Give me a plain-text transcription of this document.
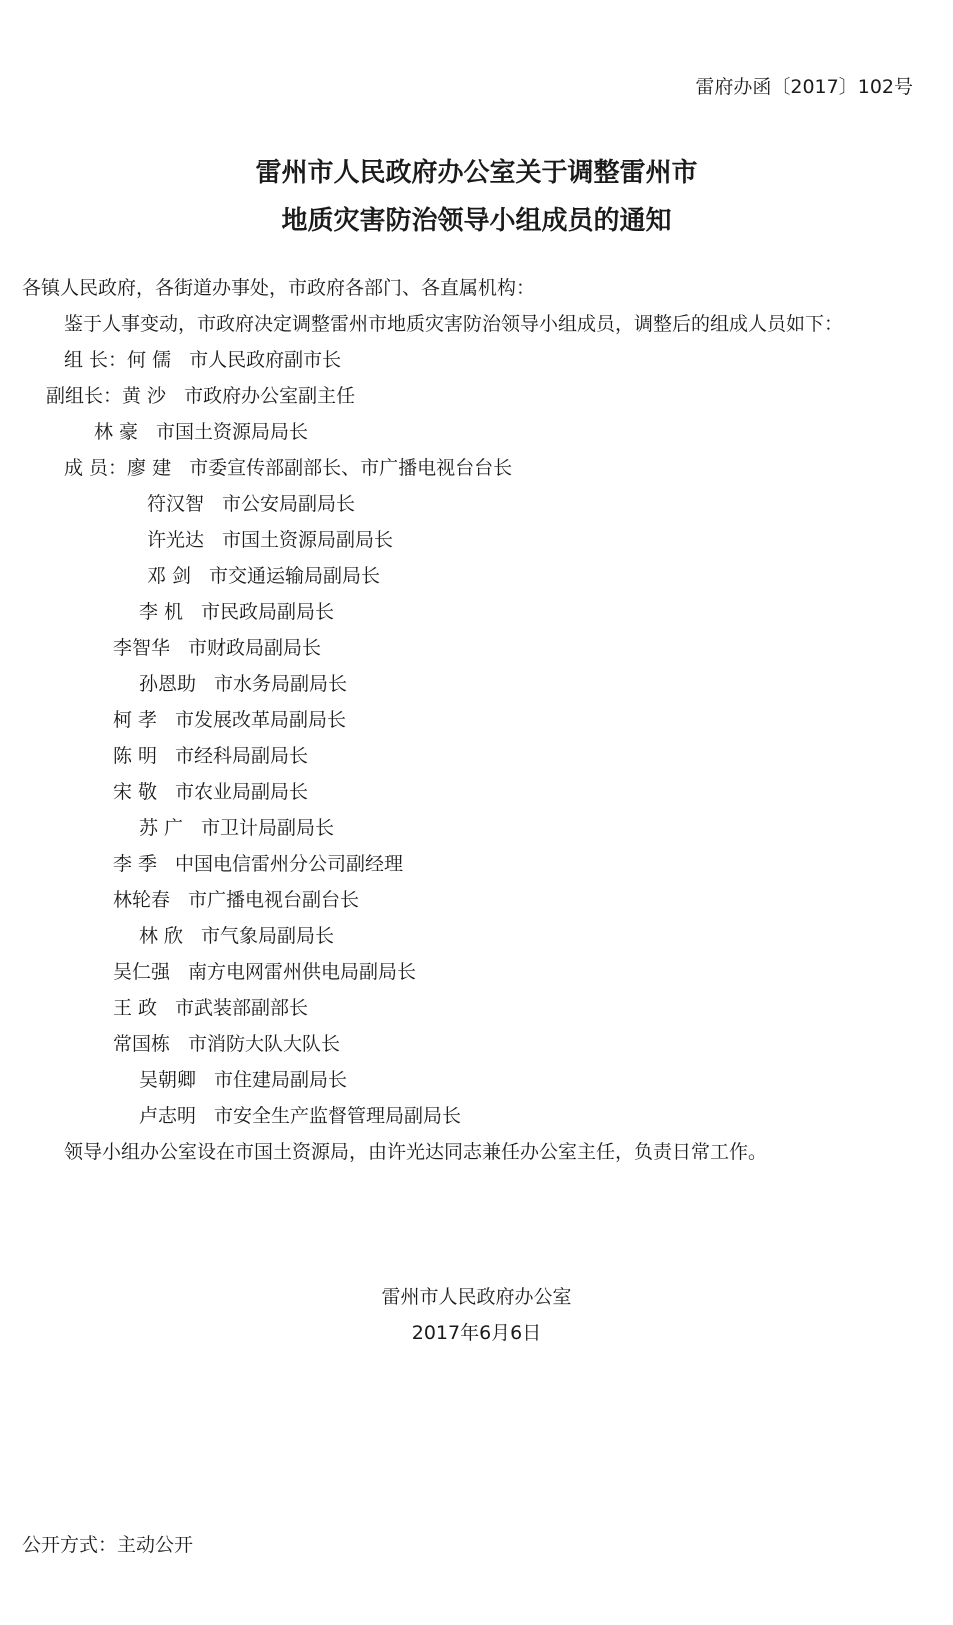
雷府办函〔2017〕102号
雷州市人民政府办公室关于调整雷州市
地质灾害防治领导小组成员的通知
各镇人民政府，各街道办事处，市政府各部门、各直属机构：
鉴于人事变动，市政府决定调整雷州市地质灾害防治领导小组成员，调整后的组成人员如下：
组 长：何 儒 市人民政府副市长
副组长：黄 沙 市政府办公室副主任
林 豪 市国土资源局局长
成 员：廖 建 市委宣传部副部长、市广播电视台台长
符汉智 市公安局副局长
许光达 市国土资源局副局长
邓 剑 市交通运输局副局长
李 机 市民政局副局长
李智华 市财政局副局长
孙恩助 市水务局副局长
柯 孝 市发展改革局副局长
陈 明 市经科局副局长
宋 敬 市农业局副局长
苏 广 市卫计局副局长
李 季 中国电信雷州分公司副经理
林轮春 市广播电视台副台长
林 欣 市气象局副局长
吴仁强 南方电网雷州供电局副局长
王 政 市武装部副部长
常国栋 市消防大队大队长
吴朝卿 市住建局副局长
卢志明 市安全生产监督管理局副局长
领导小组办公室设在市国土资源局，由许光达同志兼任办公室主任，负责日常工作。
雷州市人民政府办公室
2017年6月6日
公开方式：主动公开
